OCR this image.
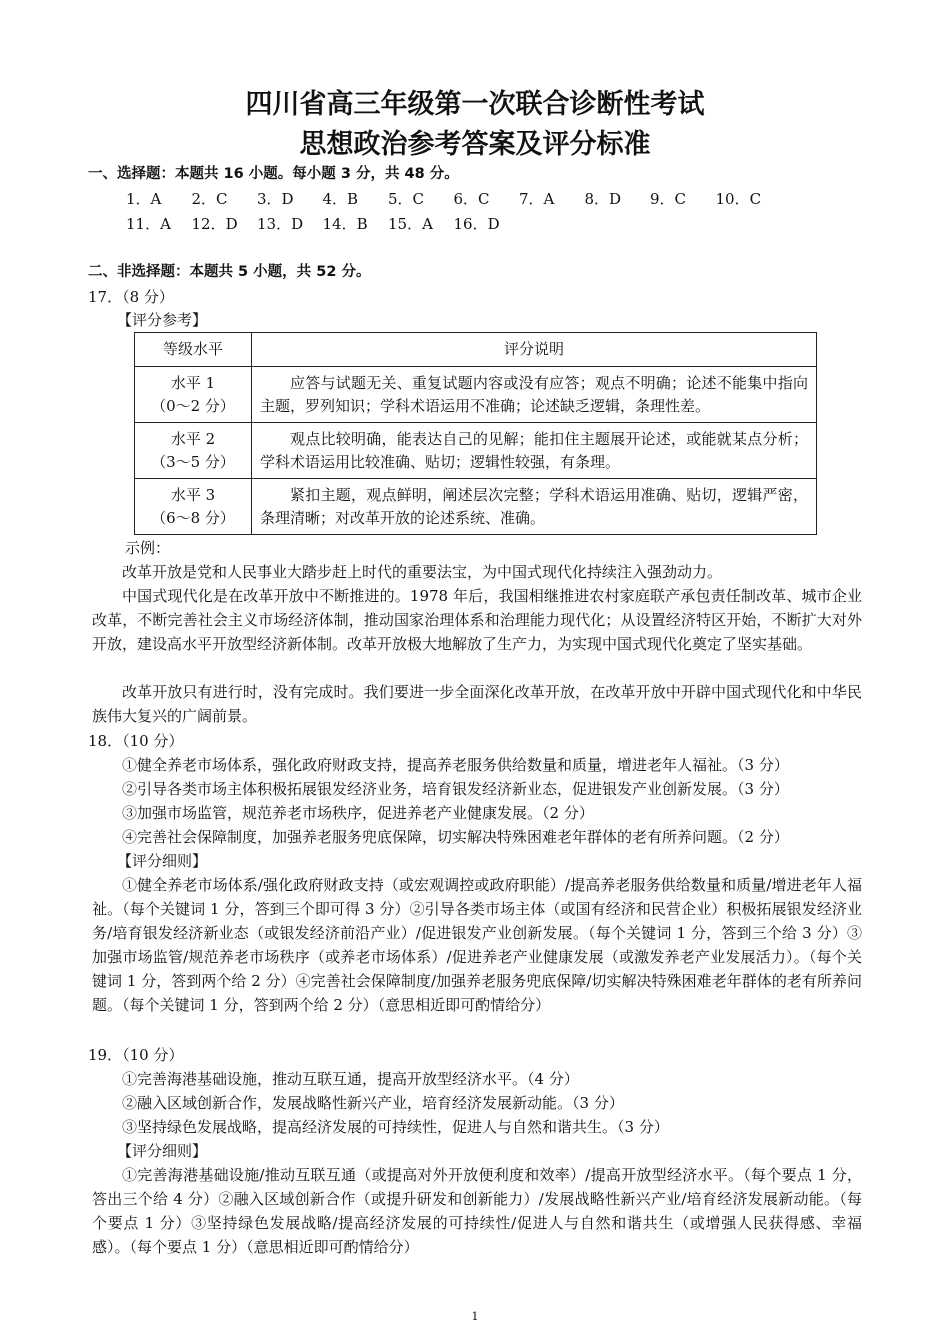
四川省高三年级第一次联合诊断性考试
思想政治参考答案及评分标准
一、选择题：本题共 16 小题。每小题 3 分，共 48 分。
1．A 2．C 3．D 4．B 5．C 6．C 7．A 8．D 9．C 10．C
11．A 12．D 13．D 14．B 15．A 16．D
二、非选择题：本题共 5 小题，共 52 分。
17．（8 分）
【评分参考】
等级水平	评分说明

水平 1
（0～2 分）	应答与试题无关、重复试题内容或没有应答；观点不明确；论述不能集中指向主题，罗列知识；学科术语运用不准确；论述缺乏逻辑，条理性差。

水平 2
（3～5 分）	观点比较明确，能表达自己的见解；能扣住主题展开论述，或能就某点分析；学科术语运用比较准确、贴切；逻辑性较强，有条理。

水平 3
（6～8 分）	紧扣主题，观点鲜明，阐述层次完整；学科术语运用准确、贴切，逻辑严密，条理清晰；对改革开放的论述系统、准确。
示例：
改革开放是党和人民事业大踏步赶上时代的重要法宝，为中国式现代化持续注入强劲动力。
中国式现代化是在改革开放中不断推进的。1978 年后，我国相继推进农村家庭联产承包责任制改革、城市企业改革，不断完善社会主义市场经济体制，推动国家治理体系和治理能力现代化；从设置经济特区开始，不断扩大对外开放，建设高水平开放型经济新体制。改革开放极大地解放了生产力，为实现中国式现代化奠定了坚实基础。
改革开放只有进行时，没有完成时。我们要进一步全面深化改革开放，在改革开放中开辟中国式现代化和中华民族伟大复兴的广阔前景。
18．（10 分）
①健全养老市场体系，强化政府财政支持，提高养老服务供给数量和质量，增进老年人福祉。（3 分）
②引导各类市场主体积极拓展银发经济业务，培育银发经济新业态，促进银发产业创新发展。（3 分）
③加强市场监管，规范养老市场秩序，促进养老产业健康发展。（2 分）
④完善社会保障制度，加强养老服务兜底保障，切实解决特殊困难老年群体的老有所养问题。（2 分）
【评分细则】
①健全养老市场体系/强化政府财政支持（或宏观调控或政府职能）/提高养老服务供给数量和质量/增进老年人福祉。（每个关键词 1 分，答到三个即可得 3 分）②引导各类市场主体（或国有经济和民营企业）积极拓展银发经济业务/培育银发经济新业态（或银发经济前沿产业）/促进银发产业创新发展。（每个关键词 1 分，答到三个给 3 分）③加强市场监管/规范养老市场秩序（或养老市场体系）/促进养老产业健康发展（或激发养老产业发展活力）。（每个关键词 1 分，答到两个给 2 分）④完善社会保障制度/加强养老服务兜底保障/切实解决特殊困难老年群体的老有所养问题。（每个关键词 1 分，答到两个给 2 分）（意思相近即可酌情给分）
19．（10 分）
①完善海港基础设施，推动互联互通，提高开放型经济水平。（4 分）
②融入区域创新合作，发展战略性新兴产业，培育经济发展新动能。（3 分）
③坚持绿色发展战略，提高经济发展的可持续性，促进人与自然和谐共生。（3 分）
【评分细则】
①完善海港基础设施/推动互联互通（或提高对外开放便利度和效率）/提高开放型经济水平。（每个要点 1 分，答出三个给 4 分）②融入区域创新合作（或提升研发和创新能力）/发展战略性新兴产业/培育经济发展新动能。（每个要点 1 分）③坚持绿色发展战略/提高经济发展的可持续性/促进人与自然和谐共生（或增强人民获得感、幸福感）。（每个要点 1 分）（意思相近即可酌情给分）
1
